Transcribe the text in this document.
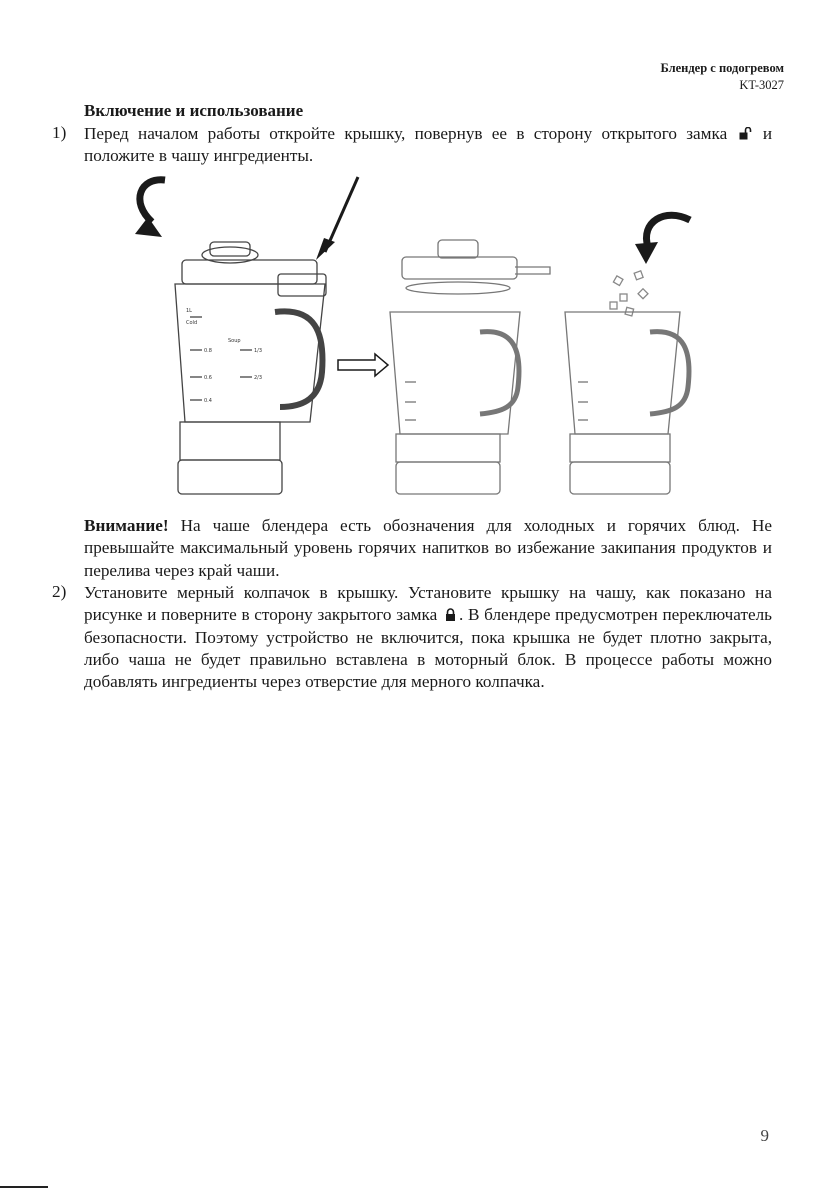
Блендер с подогревом
KT-3027
Включение и использование
1) Перед началом работы откройте крышку, повернув ее в сторону открытого замка и положите в чашу ингредиенты.
1L
Cold
Soup
0.8
0.6
0.4
1/3
2/3
Внимание! На чаше блендера есть обозначения для холодных и горячих блюд. Не превышайте максимальный уровень горячих напитков во избежание закипания продуктов и перелива через край чаши.
2) Установите мерный колпачок в крышку. Установите крышку на чашу, как показано на рисунке и поверните в сторону закрытого замка . В блендере предусмотрен переключатель безопасности. Поэтому устройство не включится, пока крышка не будет плотно закрыта, либо чаша не будет правильно вставлена в моторный блок. В процессе работы можно добавлять ингредиенты через отверстие для мерного колпачка.
9
